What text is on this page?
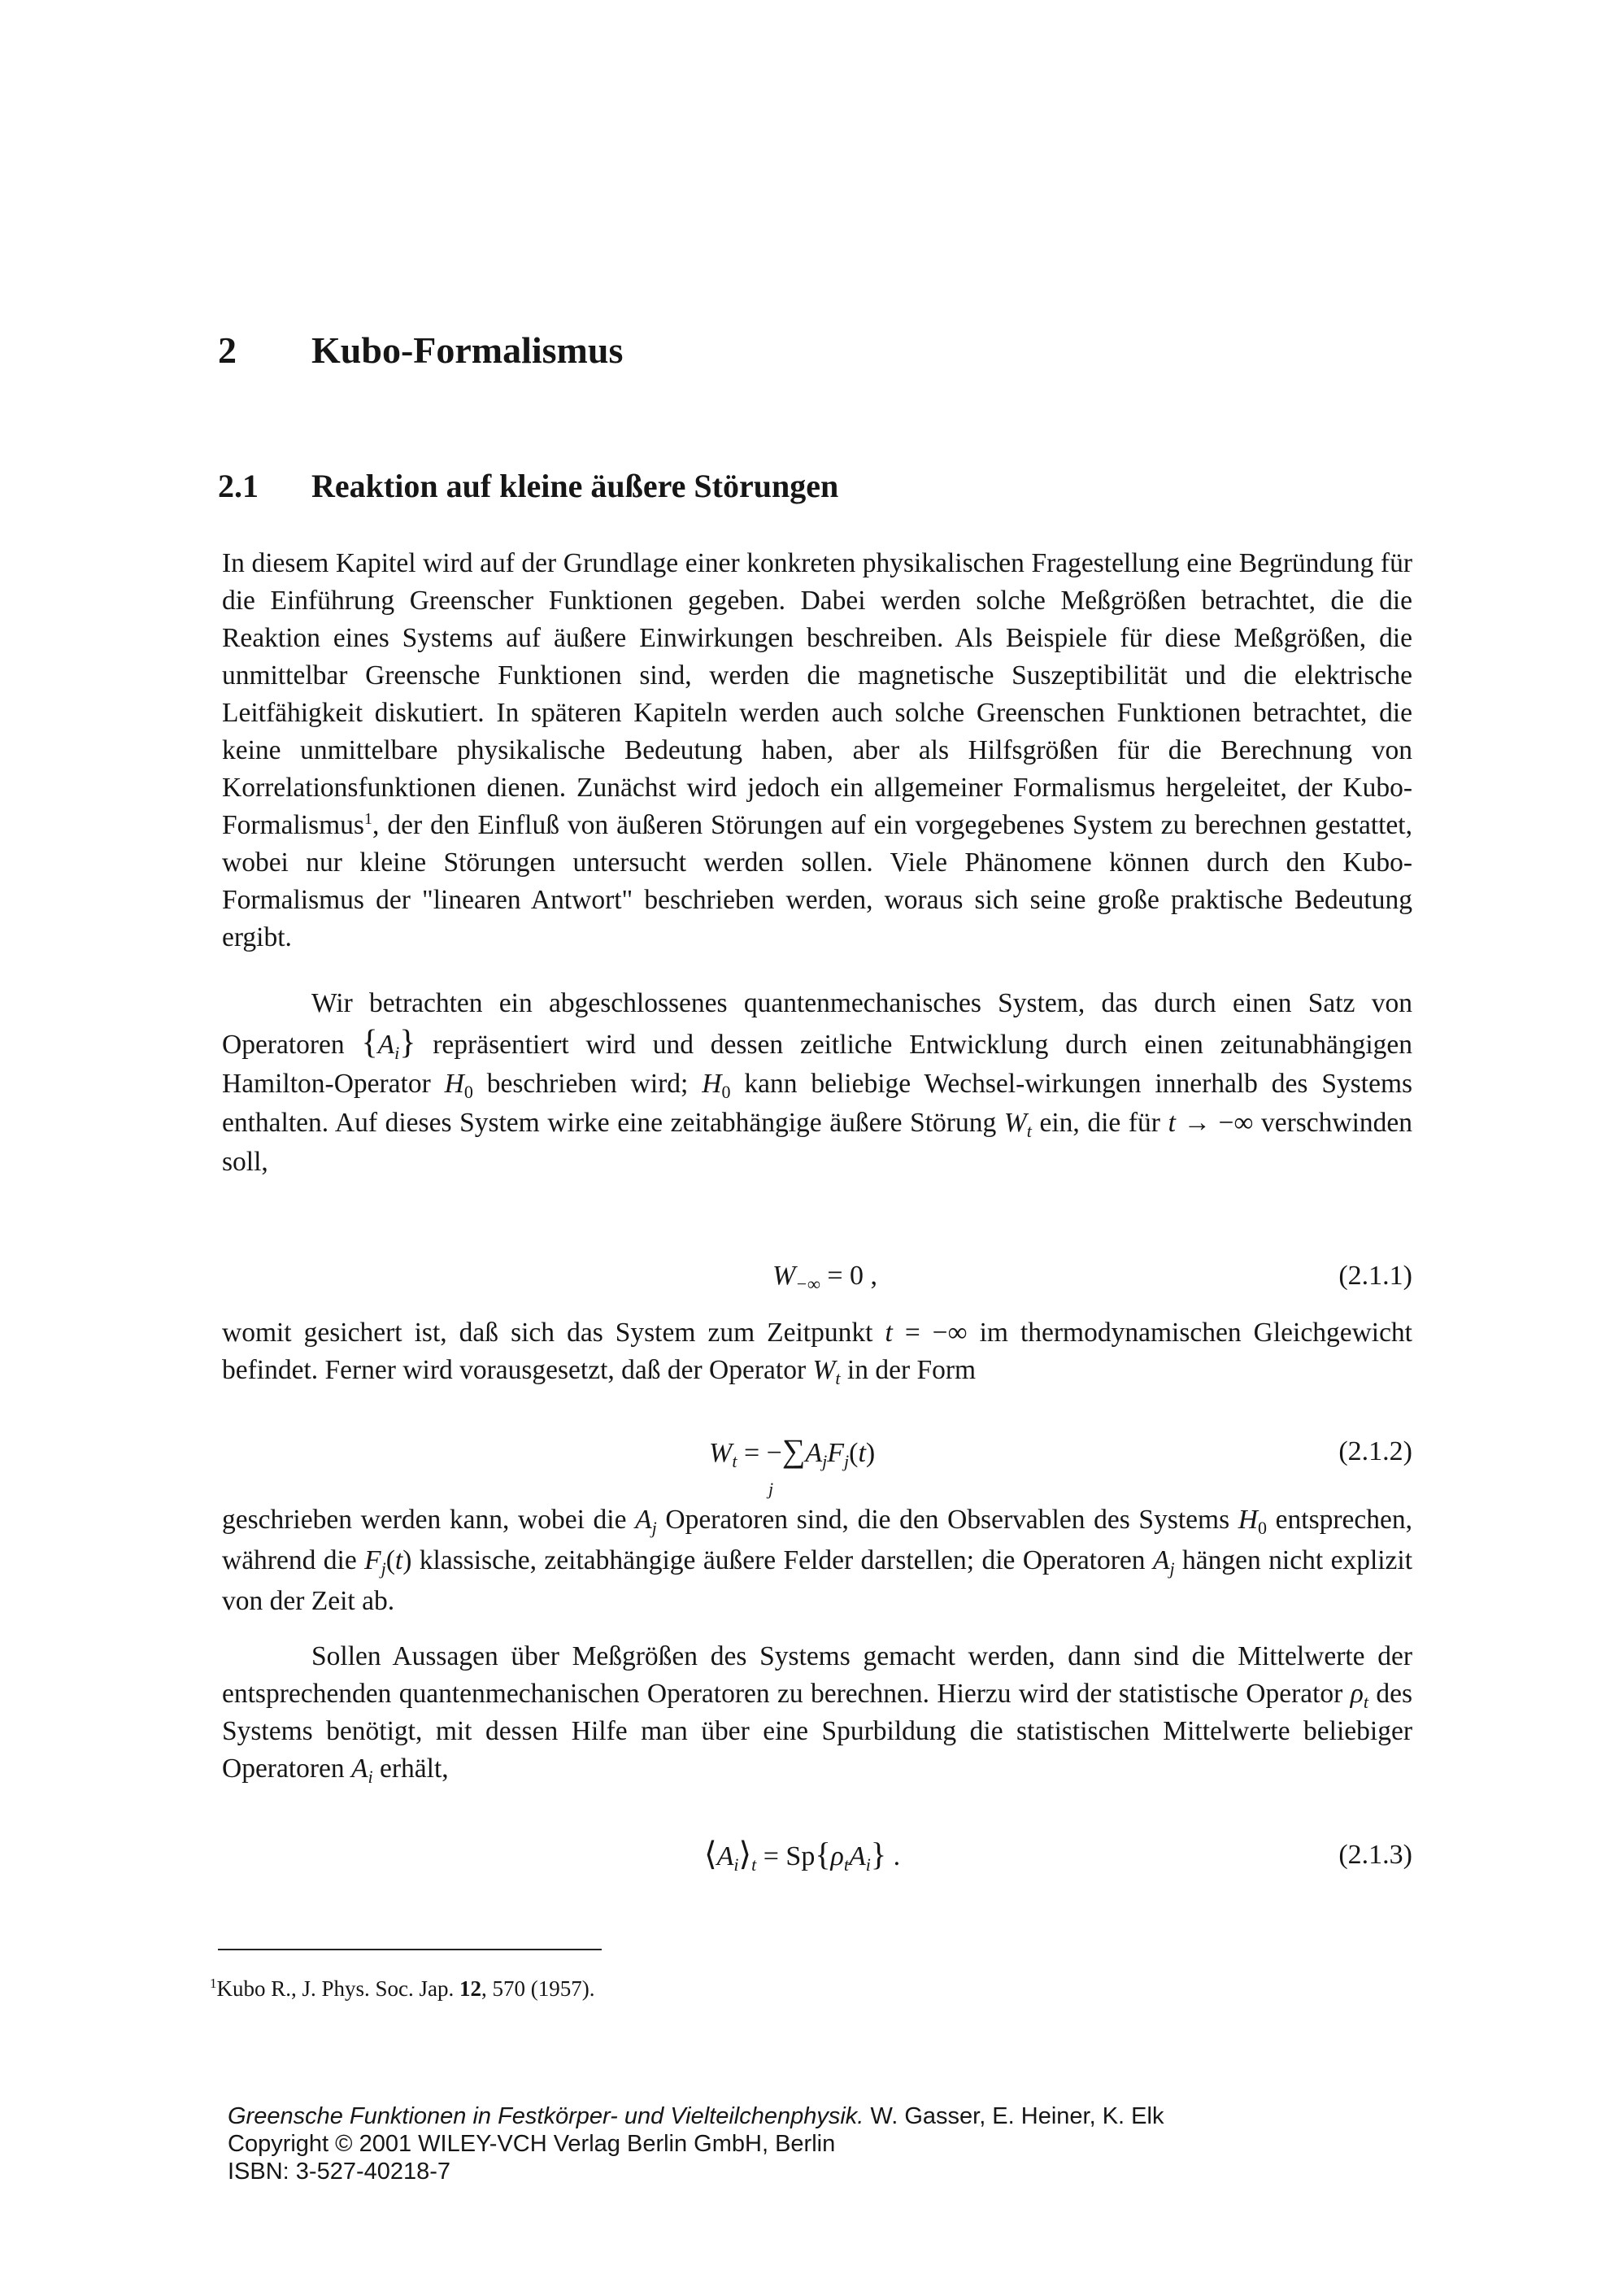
2 Kubo-Formalismus
2.1 Reaktion auf kleine äußere Störungen

In diesem Kapitel wird auf der Grundlage einer konkreten physikalischen Fragestellung eine Begründung für die Einführung Greenscher Funktionen gegeben. Dabei werden solche Meßgrößen betrachtet, die die Reaktion eines Systems auf äußere Einwirkungen beschreiben. Als Beispiele für diese Meßgrößen, die unmittelbar Greensche Funktionen sind, werden die magnetische Suszeptibilität und die elektrische Leitfähigkeit diskutiert. In späteren Kapiteln werden auch solche Greenschen Funktionen betrachtet, die keine unmittelbare physikalische Bedeutung haben, aber als Hilfsgrößen für die Berechnung von Korrelationsfunktionen dienen. Zunächst wird jedoch ein allgemeiner Formalismus hergeleitet, der Kubo-Formalismus$^1$, der den Einfluß von äußeren Störungen auf ein vorgegebenes System zu berechnen gestattet, wobei nur kleine Störungen untersucht werden sollen. Viele Phänomene können durch den Kubo-Formalismus der "linearen Antwort" beschrieben werden, woraus sich seine große praktische Bedeutung ergibt.

Wir betrachten ein abgeschlossenes quantenmechanisches System, das durch einen Satz von Operatoren $\{A_i\}$ repräsentiert wird und dessen zeitliche Entwicklung durch einen zeitunabhängigen Hamilton-Operator $H_0$ beschrieben wird; $H_0$ kann beliebige Wechsel-wirkungen innerhalb des Systems enthalten. Auf dieses System wirke eine zeitabhängige äußere Störung $W_t$ ein, die für t → −∞ verschwinden soll,

$W_{-\infty} = 0$ ,	(2.1.1)

womit gesichert ist, daß sich das System zum Zeitpunkt t = −∞ im thermodynamischen Gleichgewicht befindet. Ferner wird vorausgesetzt, daß der Operator $W_t$ in der Form

$W_t = -\sum A_jF_j(t)$
j
(2.1.2)

geschrieben werden kann, wobei die $A_j$ Operatoren sind, die den Observablen des Systems $H_0$ entsprechen, während die $F_j(t)$ klassische, zeitabhängige äußere Felder darstellen; die Operatoren $A_j$ hängen nicht explizit von der Zeit ab.

Sollen Aussagen über Meßgrößen des Systems gemacht werden, dann sind die Mittelwerte der entsprechenden quantenmechanischen Operatoren zu berechnen. Hierzu wird der statistische Operator $\rho_t$ des Systems benötigt, mit dessen Hilfe man über eine Spurbildung die statistischen Mittelwerte beliebiger Operatoren $A_i$ erhält,

$⟨A_i⟩_t = Sp\{\rho_tA_i\}$ .	(2.1.3)
$^1$Kubo R., J. Phys. Soc. Jap. 12, 570 (1957).
Greensche Funktionen in Festkörper- und Vielteilchenphysik. W. Gasser, E. Heiner, K. Elk
Copyright © 2001 WILEY-VCH Verlag Berlin GmbH, Berlin
ISBN: 3-527-40218-7
